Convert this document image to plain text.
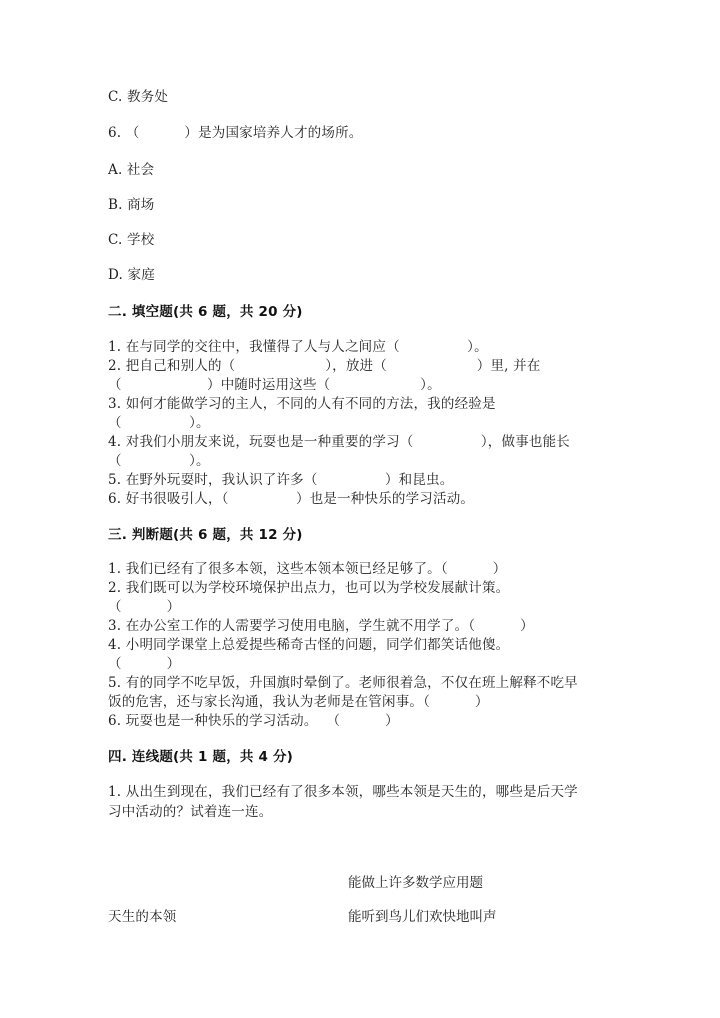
C. 教务处
6. （          ）是为国家培养人才的场所。
A. 社会
B. 商场
C. 学校
D. 家庭
二. 填空题(共 6 题，共 20 分)
1. 在与同学的交往中，我懂得了人与人之间应（               ）。
2. 把自己和别人的（                    ），放进（                    ）里, 并在
（                   ）中随时运用这些（                    ）。
3. 如何才能做学习的主人，不同的人有不同的方法，我的经验是
（               ）。
4. 对我们小朋友来说，玩耍也是一种重要的学习（               ），做事也能长
（               ）。
5. 在野外玩耍时，我认识了许多（               ）和昆虫。
6. 好书很吸引人，（               ）也是一种快乐的学习活动。
三. 判断题(共 6 题，共 12 分)
1. 我们已经有了很多本领，这些本领本领已经足够了。（          ）
2. 我们既可以为学校环境保护出点力，也可以为学校发展献计策。
（          ）
3. 在办公室工作的人需要学习使用电脑，学生就不用学了。（          ）
4. 小明同学课堂上总爱提些稀奇古怪的问题，同学们都笑话他傻。
（          ）
5. 有的同学不吃早饭，升国旗时晕倒了。老师很着急，不仅在班上解释不吃早
饭的危害，还与家长沟通，我认为老师是在管闲事。（          ）
6. 玩耍也是一种快乐的学习活动。  （          ）
四. 连线题(共 1 题，共 4 分)
1. 从出生到现在，我们已经有了很多本领，哪些本领是天生的，哪些是后天学
习中活动的？试着连一连。
能做上许多数学应用题
天生的本领	能听到鸟儿们欢快地叫声
